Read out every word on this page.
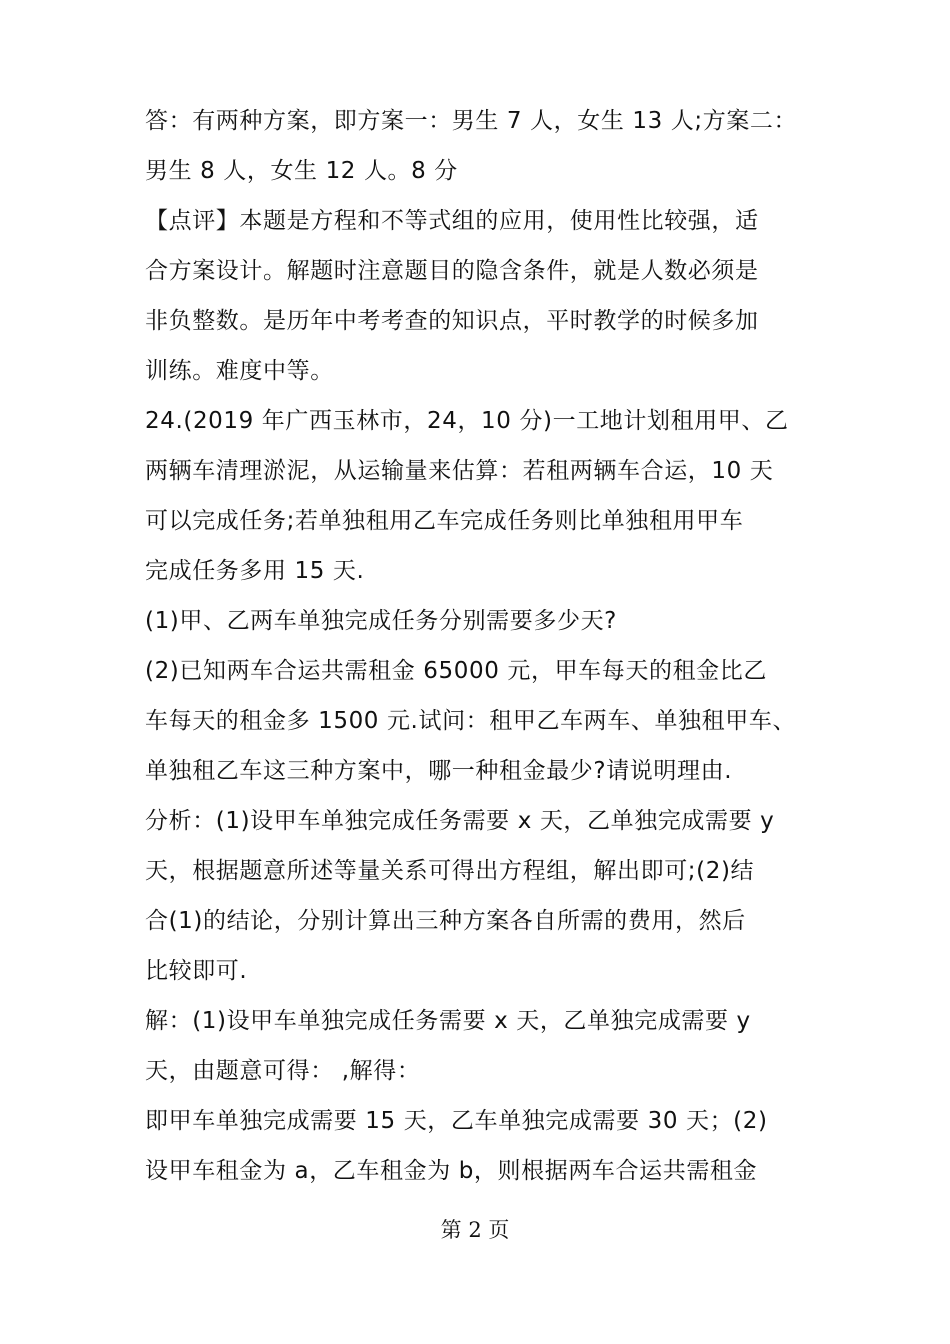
答：有两种方案，即方案一：男生 7 人，女生 13 人;方案二：
男生 8 人，女生 12 人。8 分
【点评】本题是方程和不等式组的应用，使用性比较强，适
合方案设计。解题时注意题目的隐含条件，就是人数必须是
非负整数。是历年中考考查的知识点，平时教学的时候多加
训练。难度中等。
24.(2019 年广西玉林市，24，10 分)一工地计划租用甲、乙
两辆车清理淤泥，从运输量来估算：若租两辆车合运，10 天
可以完成任务;若单独租用乙车完成任务则比单独租用甲车
完成任务多用 15 天.
(1)甲、乙两车单独完成任务分别需要多少天?
(2)已知两车合运共需租金 65000 元，甲车每天的租金比乙
车每天的租金多 1500 元.试问：租甲乙车两车、单独租甲车、
单独租乙车这三种方案中，哪一种租金最少?请说明理由.
分析：(1)设甲车单独完成任务需要 x 天，乙单独完成需要 y
天，根据题意所述等量关系可得出方程组，解出即可;(2)结
合(1)的结论，分别计算出三种方案各自所需的费用，然后
比较即可.
解：(1)设甲车单独完成任务需要 x 天，乙单独完成需要 y
天，由题意可得： ,解得：
即甲车单独完成需要 15 天，乙车单独完成需要 30 天；(2)
设甲车租金为 a，乙车租金为 b，则根据两车合运共需租金
第 2 页
